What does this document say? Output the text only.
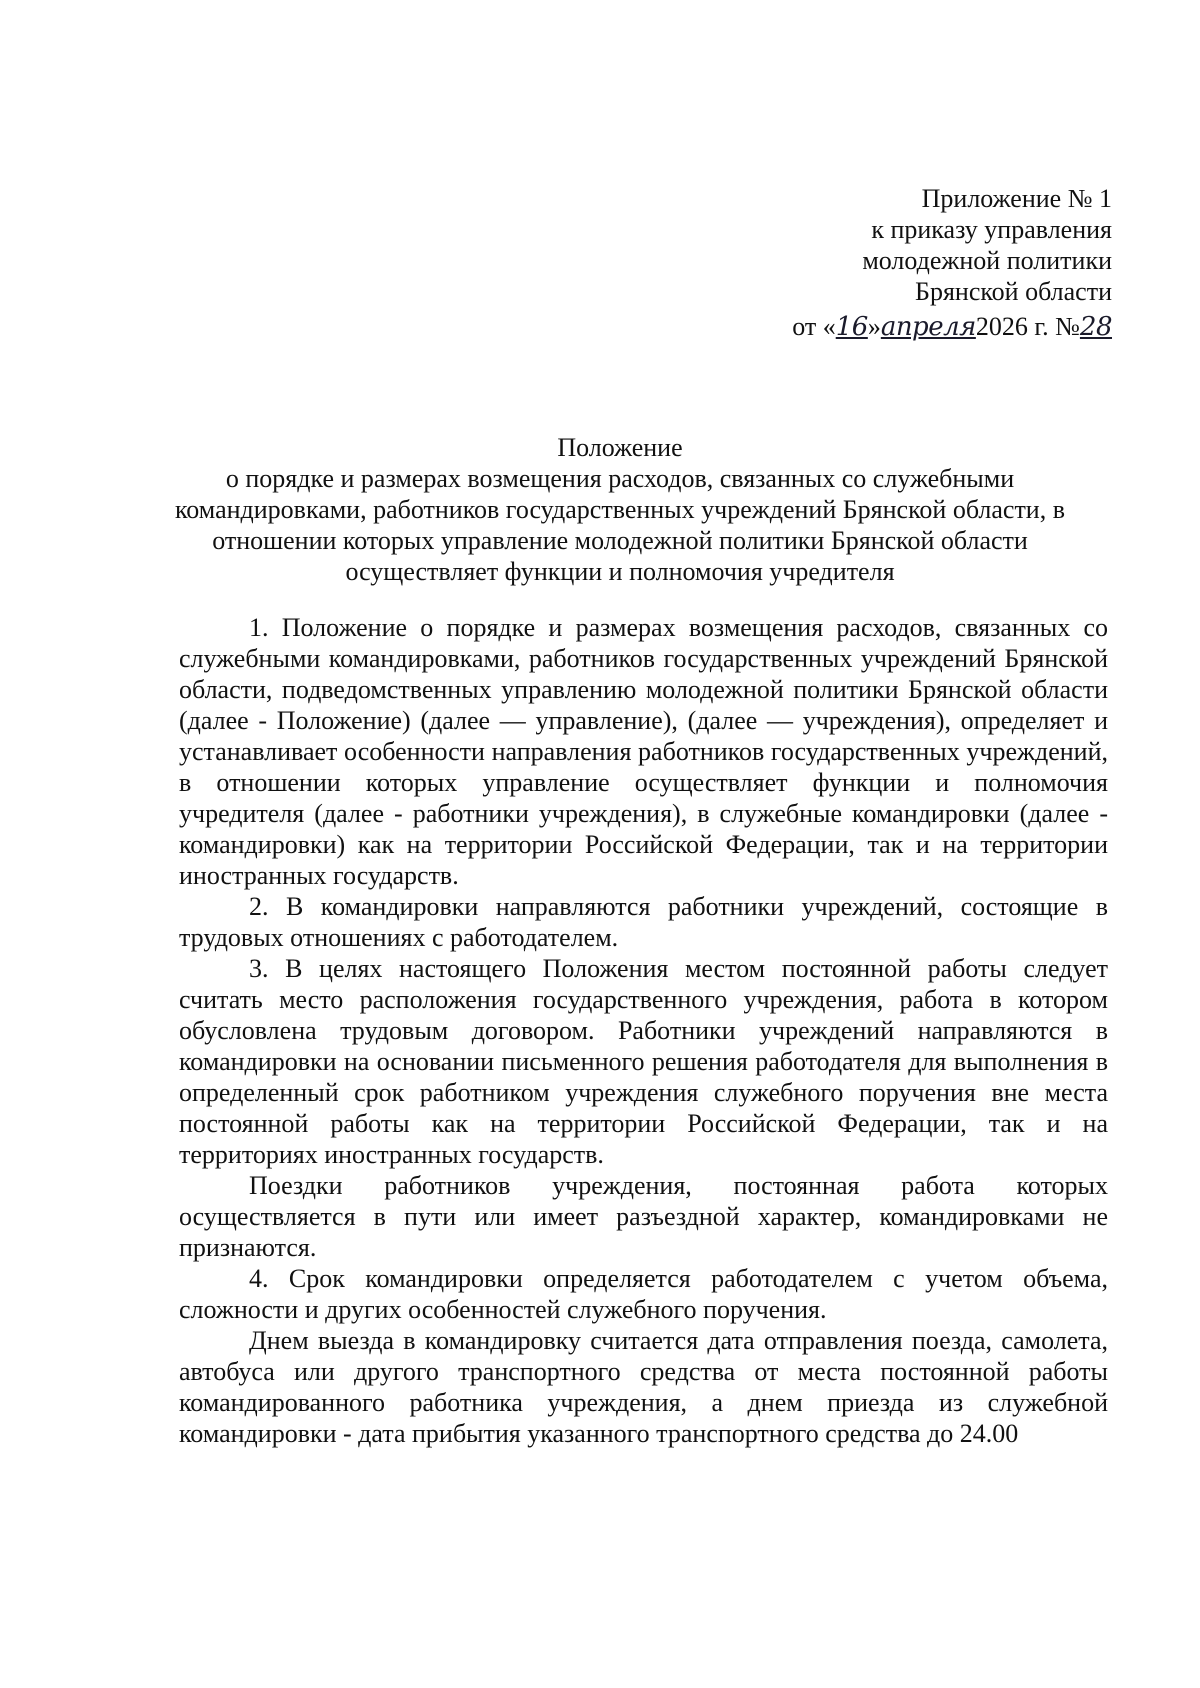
Приложение № 1
к приказу управления
молодежной политики
Брянской области
от «16»апреля2026 г. №28
Положение
о порядке и размерах возмещения расходов, связанных со служебными
командировками, работников государственных учреждений Брянской области, в
отношении которых управление молодежной политики Брянской области
осуществляет функции и полномочия учредителя

1. Положение о порядке и размерах возмещения расходов, связанных со служебными командировками, работников государственных учреждений Брянской области, подведомственных управлению молодежной политики Брянской области (далее - Положение) (далее — управление), (далее — учреждения), определяет и устанавливает особенности направления работников государственных учреждений, в отношении которых управление осуществляет функции и полномочия учредителя (далее - работники учреждения), в служебные командировки (далее - командировки) как на территории Российской Федерации, так и на территории иностранных государств.

2. В командировки направляются работники учреждений, состоящие в трудовых отношениях с работодателем.

3. В целях настоящего Положения местом постоянной работы следует считать место расположения государственного учреждения, работа в котором обусловлена трудовым договором. Работники учреждений направляются в командировки на основании письменного решения работодателя для выполнения в определенный срок работником учреждения служебного поручения вне места постоянной работы как на территории Российской Федерации, так и на территориях иностранных государств.

Поездки работников учреждения, постоянная работа которых осуществляется в пути или имеет разъездной характер, командировками не признаются.

4. Срок командировки определяется работодателем с учетом объема, сложности и других особенностей служебного поручения.

Днем выезда в командировку считается дата отправления поезда, самолета, автобуса или другого транспортного средства от места постоянной работы командированного работника учреждения, а днем приезда из служебной командировки - дата прибытия указанного транспортного средства до 24.00
